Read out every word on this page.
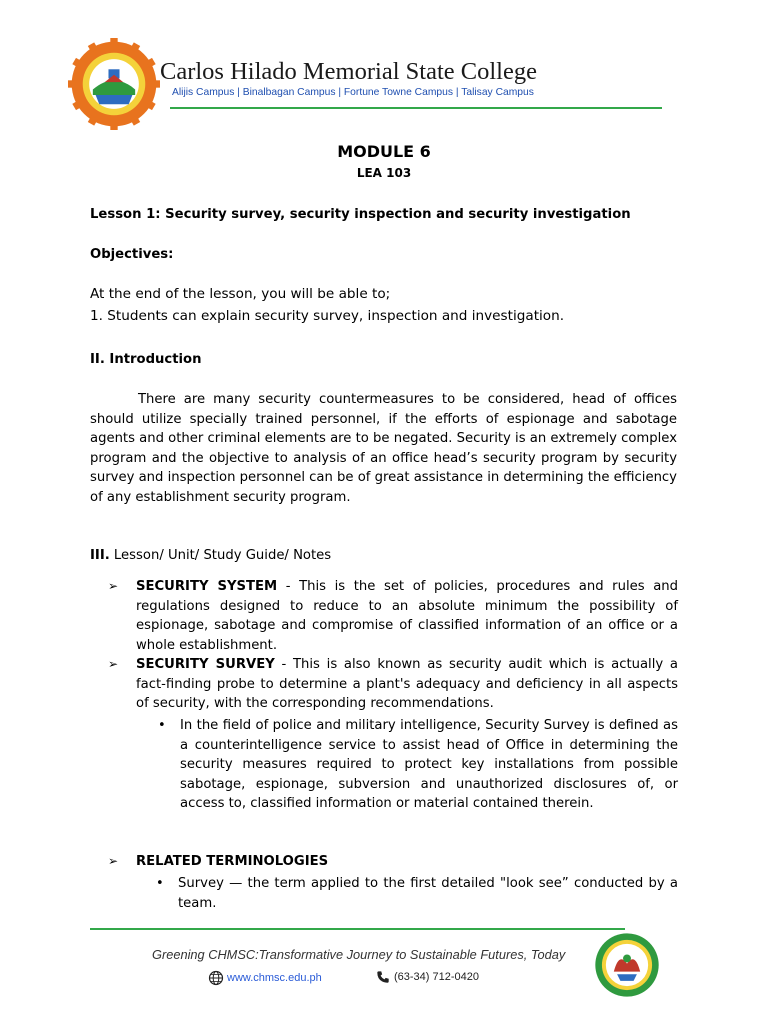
Carlos Hilado Memorial State College
Alijis Campus | Binalbagan Campus | Fortune Towne Campus | Talisay Campus
MODULE 6
LEA 103
Lesson 1: Security survey, security inspection and security investigation
Objectives:
At the end of the lesson, you will be able to;
1. Students can explain security survey, inspection and investigation.
II. Introduction
There are many security countermeasures to be considered, head of offices should utilize specially trained personnel, if the efforts of espionage and sabotage agents and other criminal elements are to be negated. Security is an extremely complex program and the objective to analysis of an office head’s security program by security survey and inspection personnel can be of great assistance in determining the efficiency of any establishment security program.
III. Lesson/ Unit/ Study Guide/ Notes
➢ SECURITY SYSTEM - This is the set of policies, procedures and rules and regulations designed to reduce to an absolute minimum the possibility of espionage, sabotage and compromise of classified information of an office or a whole establishment.
➢ SECURITY SURVEY - This is also known as security audit which is actually a fact-finding probe to determine a plant's adequacy and deficiency in all aspects of security, with the corresponding recommendations.
• In the field of police and military intelligence, Security Survey is defined as a counterintelligence service to assist head of Office in determining the security measures required to protect key installations from possible sabotage, espionage, subversion and unauthorized disclosures of, or access to, classified information or material contained therein.
➢ RELATED TERMINOLOGIES
• Survey — the term applied to the first detailed "look see” conducted by a team.
Greening CHMSC:Transformative Journey to Sustainable Futures, Today
www.chmsc.edu.ph	(63-34) 712-0420
